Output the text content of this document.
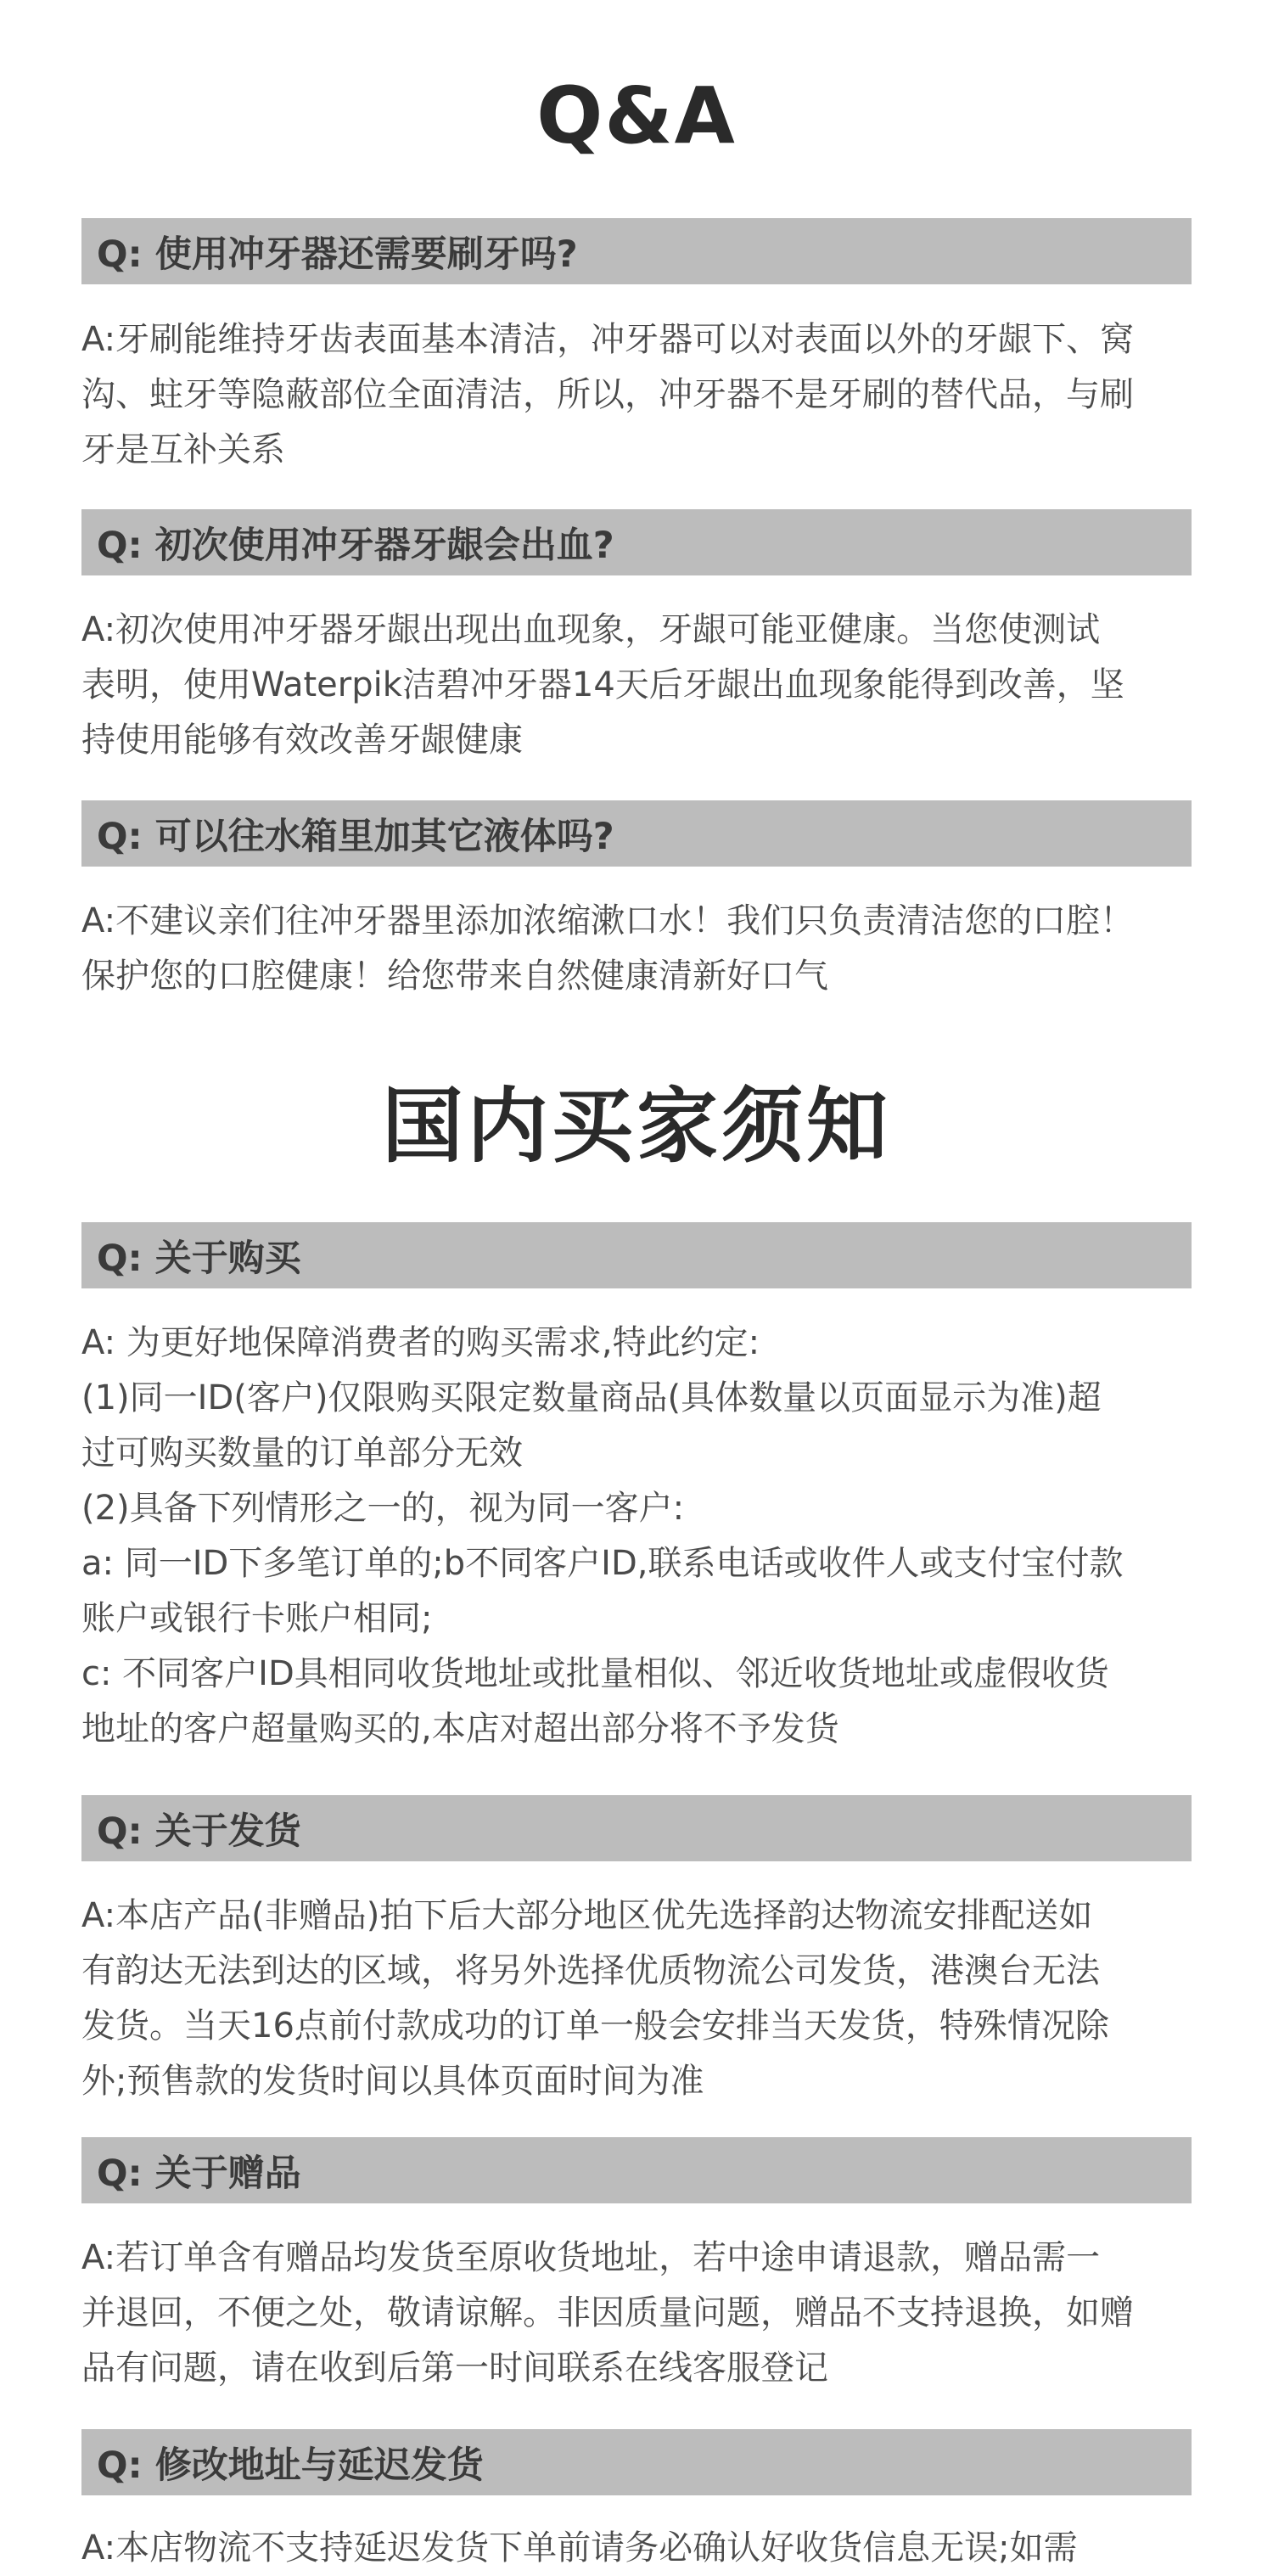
Q&A
Q: 使用冲牙器还需要刷牙吗?
A:牙刷能维持牙齿表面基本清洁，冲牙器可以对表面以外的牙龈下、窝
沟、蛀牙等隐蔽部位全面清洁，所以，冲牙器不是牙刷的替代品，与刷
牙是互补关系
Q: 初次使用冲牙器牙龈会出血?
A:初次使用冲牙器牙龈出现出血现象，牙龈可能亚健康。当您使测试
表明，使用Waterpik洁碧冲牙器14天后牙龈出血现象能得到改善，坚
持使用能够有效改善牙龈健康
Q: 可以往水箱里加其它液体吗?
A:不建议亲们往冲牙器里添加浓缩漱口水！我们只负责清洁您的口腔！
保护您的口腔健康！给您带来自然健康清新好口气
国内买家须知
Q: 关于购买
A: 为更好地保障消费者的购买需求,特此约定:
(1)同一ID(客户)仅限购买限定数量商品(具体数量以页面显示为准)超
过可购买数量的订单部分无效
(2)具备下列情形之一的，视为同一客户:
a: 同一ID下多笔订单的;b不同客户ID,联系电话或收件人或支付宝付款
账户或银行卡账户相同;
c: 不同客户ID具相同收货地址或批量相似、邻近收货地址或虚假收货
地址的客户超量购买的,本店对超出部分将不予发货
Q: 关于发货
A:本店产品(非赠品)拍下后大部分地区优先选择韵达物流安排配送如
有韵达无法到达的区域，将另外选择优质物流公司发货，港澳台无法
发货。当天16点前付款成功的订单一般会安排当天发货，特殊情况除
外;预售款的发货时间以具体页面时间为准
Q: 关于赠品
A:若订单含有赠品均发货至原收货地址，若中途申请退款，赠品需一
并退回，不便之处，敬请谅解。非因质量问题，赠品不支持退换，如赠
品有问题，请在收到后第一时间联系在线客服登记
Q: 修改地址与延迟发货
A:本店物流不支持延迟发货下单前请务必确认好收货信息无误;如需
